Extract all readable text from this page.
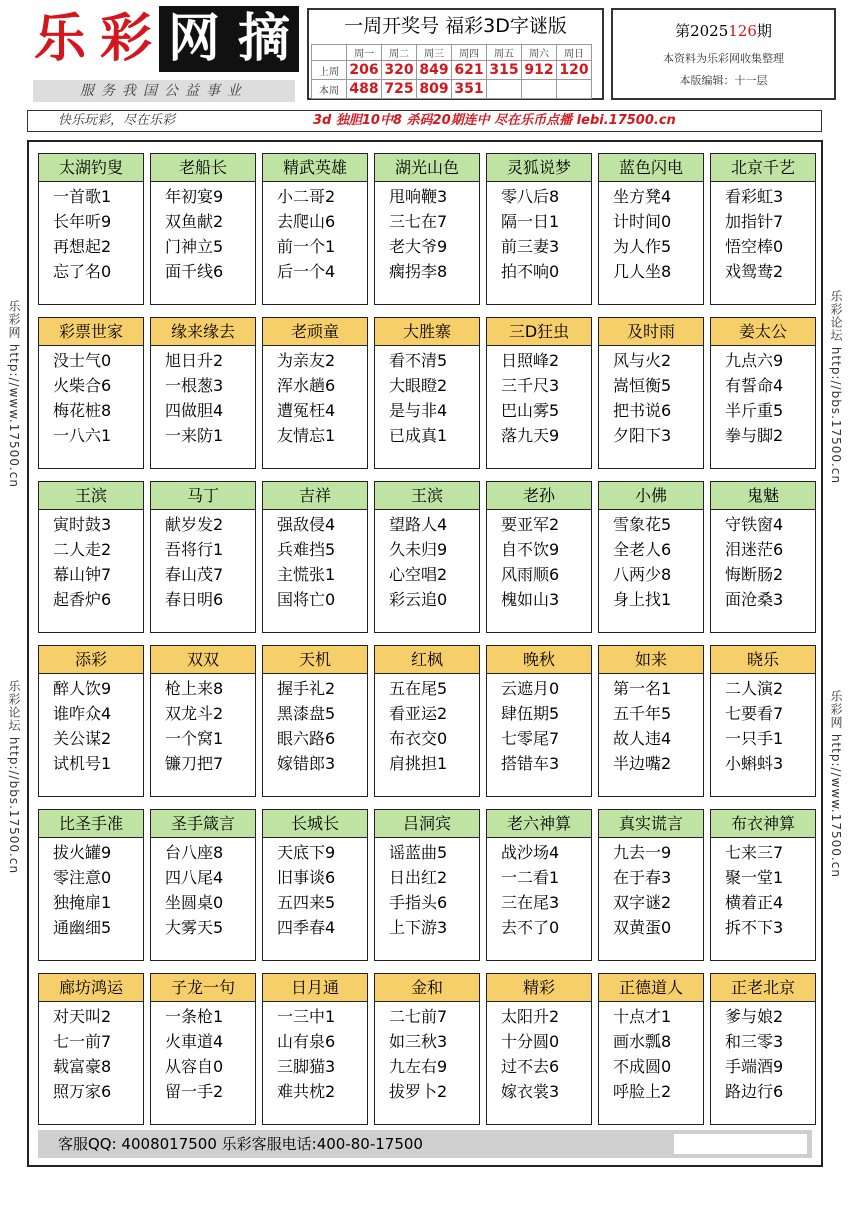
乐 彩 网 摘
服务我国公益事业
一周开奖号 福彩3D字谜版
	周一	周二	周三	周四	周五	周六	周日
上周	206	320	849	621	315	912	120
本周	488	725	809	351			
第2025126期
本资料为乐彩网收集整理
本版编辑：十一层
快乐玩彩，尽在乐彩	3d 独胆10中8 杀码20期连中 尽在乐币点播 lebi.17500.cn
乐彩网 http://www.17500.cn
乐彩论坛 http://bbs.17500.cn
乐彩论坛 http://bbs.17500.cn
乐彩网 http://www.17500.cn
太湖钓叟
一首歌1
长年听9
再想起2
忘了名0
老船长
年初宴9
双鱼献2
门神立5
面千线6
精武英雄
小二哥2
去爬山6
前一个1
后一个4
湖光山色
甩响鞭3
三七在7
老大爷9
瘸拐李8
灵狐说梦
零八后8
隔一日1
前三妻3
拍不响0
蓝色闪电
坐方凳4
计时间0
为人作5
几人坐8
北京千艺
看彩虹3
加指针7
悟空棒0
戏鸳鸯2
彩票世家
没士气0
火柴合6
梅花桩8
一八六1
缘来缘去
旭日升2
一根葱3
四做胆4
一来防1
老顽童
为亲友2
浑水趟6
遭冤枉4
友情忘1
大胜寨
看不清5
大眼瞪2
是与非4
已成真1
三D狂虫
日照峰2
三千尺3
巴山雾5
落九天9
及时雨
风与火2
嵩恒衡5
把书说6
夕阳下3
姜太公
九点六9
有誓命4
半斤重5
拳与脚2
王滨
寅时鼓3
二人走2
幕山钟7
起香炉6
马丁
献岁发2
吾将行1
春山茂7
春日明6
吉祥
强敌侵4
兵难挡5
主慌张1
国将亡0
王滨
望路人4
久未归9
心空唱2
彩云追0
老孙
要亚军2
自不饮9
风雨顺6
槐如山3
小佛
雪象花5
全老人6
八两少8
身上找1
鬼魅
守铁窗4
泪迷茫6
悔断肠2
面沧桑3
添彩
醉人饮9
谁咋众4
关公谋2
试机号1
双双
枪上来8
双龙斗2
一个窝1
镰刀把7
天机
握手礼2
黑漆盘5
眼六路6
嫁错郎3
红枫
五在尾5
看亚运2
布衣交0
肩挑担1
晚秋
云遮月0
肆伍期5
七零尾7
搭错车3
如来
第一名1
五千年5
故人违4
半边嘴2
晓乐
二人演2
七要看7
一只手1
小蝌蚪3
比圣手准
拔火罐9
零注意0
独掩扉1
通幽细5
圣手箴言
台八座8
四八尾4
坐圆桌0
大雾天5
长城长
天底下9
旧事谈6
五四来5
四季春4
吕洞宾
谣蓝曲5
日出红2
手指头6
上下游3
老六神算
战沙场4
一二看1
三在尾3
去不了0
真实谎言
九去一9
在于春3
双字谜2
双黄蛋0
布衣神算
七来三7
聚一堂1
横着正4
拆不下3
廊坊鸿运
对天叫2
七一前7
载富豪8
照万家6
子龙一句
一条枪1
火車道4
从容自0
留一手2
日月通
一三中1
山有泉6
三脚猫3
难共枕2
金和
二七前7
如三秋3
九左右9
拔罗卜2
精彩
太阳升2
十分圆0
过不去6
嫁衣裳3
正德道人
十点才1
画水瓢8
不成圆0
呼脸上2
正老北京
爹与娘2
和三零3
手端酒9
路边行6
客服QQ: 4008017500 乐彩客服电话:400-80-17500
